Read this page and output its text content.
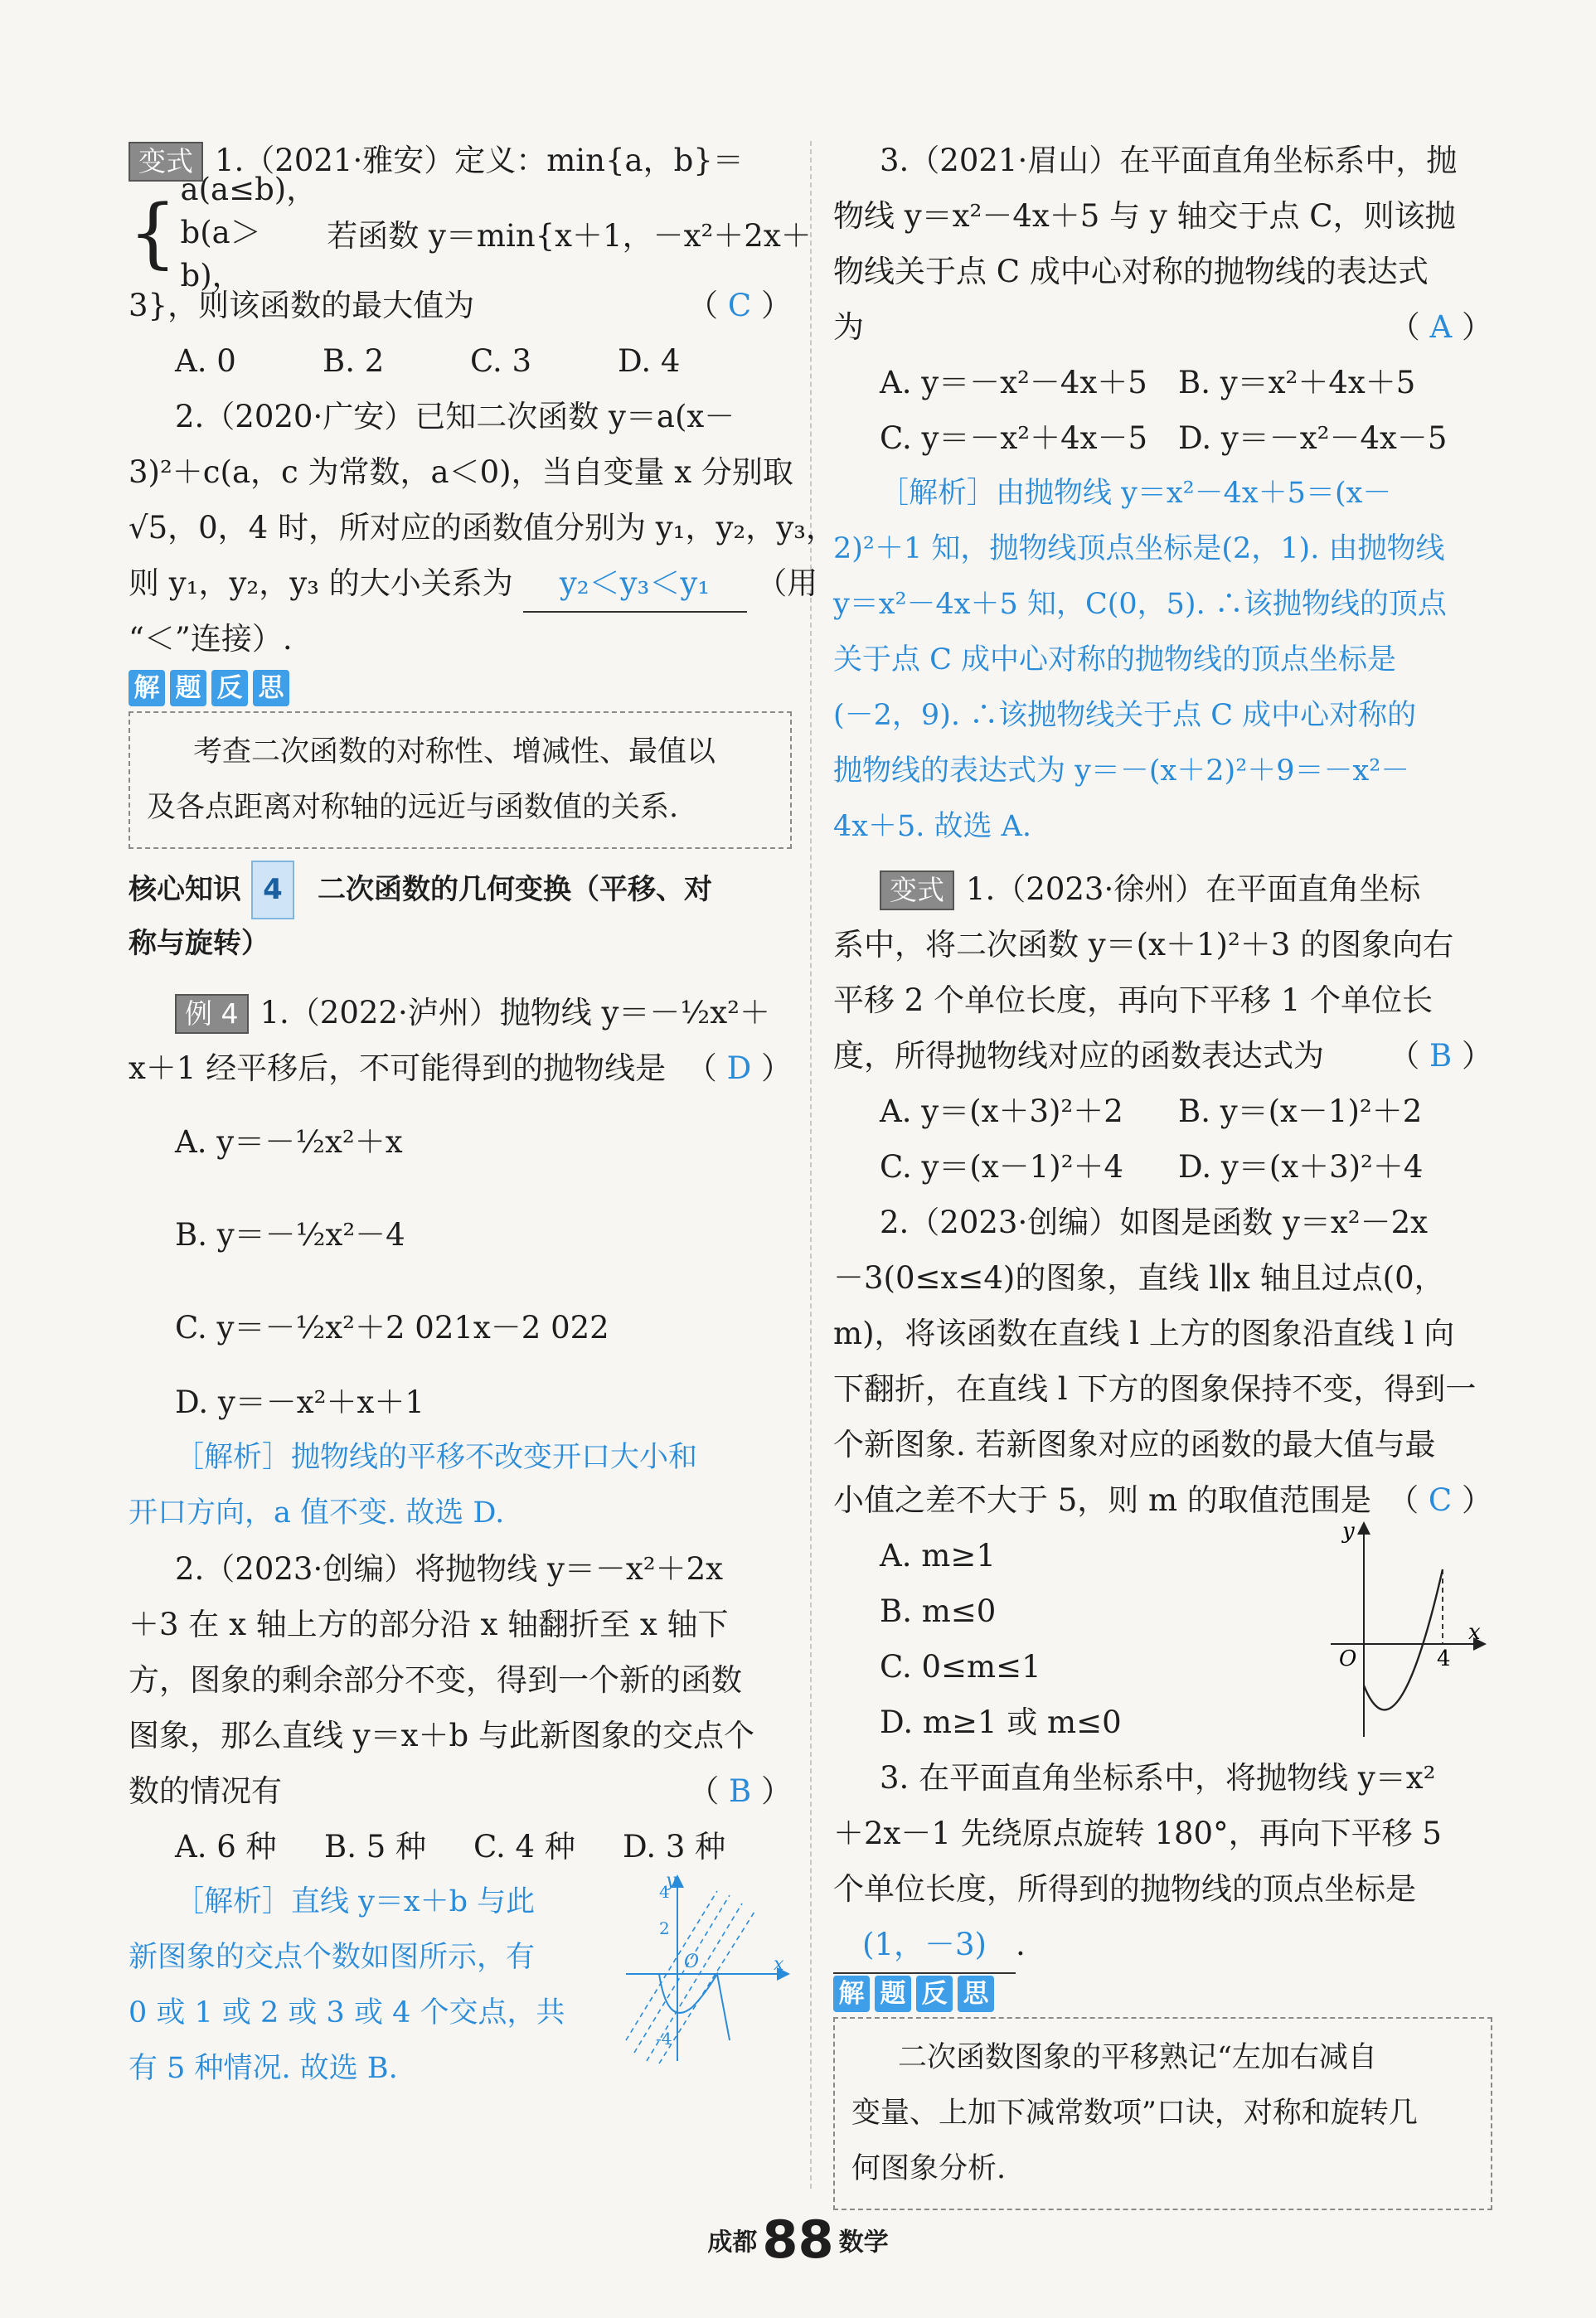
变式 1.（2021·雅安）定义：min{a，b}＝
{ a(a≤b)，
b(a＞b)，
若函数 y＝min{x＋1，－x²＋2x＋
3}，则该函数的最大值为	（ C ）
A. 0	B. 2	C. 3	D. 4
2.（2020·广安）已知二次函数 y＝a(x－
3)²＋c(a，c 为常数，a＜0)，当自变量 x 分别取
√5，0，4 时，所对应的函数值分别为 y₁，y₂，y₃，
则 y₁，y₂，y₃ 的大小关系为 y₂＜y₃＜y₁ （用
“＜”连接）.
解 题 反 思
考查二次函数的对称性、增减性、最值以
及各点距离对称轴的远近与函数值的关系.
核心知识 4 二次函数的几何变换（平移、对
称与旋转）
例 4 1.（2022·泸州）抛物线 y＝－½x²＋
x＋1 经平移后，不可能得到的抛物线是 （ D ）
A. y＝－½x²＋x
B. y＝－½x²－4
C. y＝－½x²＋2 021x－2 022
D. y＝－x²＋x＋1
［解析］抛物线的平移不改变开口大小和
开口方向，a 值不变. 故选 D.
2.（2023·创编）将抛物线 y＝－x²＋2x
＋3 在 x 轴上方的部分沿 x 轴翻折至 x 轴下
方，图象的剩余部分不变，得到一个新的函数
图象，那么直线 y＝x＋b 与此新图象的交点个
数的情况有	（ B ）
A. 6 种	B. 5 种	C. 4 种	D. 3 种
［解析］直线 y＝x＋b 与此
新图象的交点个数如图所示，有
0 或 1 或 2 或 3 或 4 个交点，共
有 5 种情况. 故选 B.
y
x
O
4
2
-4
3.（2021·眉山）在平面直角坐标系中，抛
物线 y＝x²－4x＋5 与 y 轴交于点 C，则该抛
物线关于点 C 成中心对称的抛物线的表达式
为	（ A ）
A. y＝－x²－4x＋5	B. y＝x²＋4x＋5
C. y＝－x²＋4x－5 D. y＝－x²－4x－5
［解析］由抛物线 y＝x²－4x＋5＝(x－
2)²＋1 知，抛物线顶点坐标是(2，1). 由抛物线
y＝x²－4x＋5 知，C(0，5). ∴该抛物线的顶点
关于点 C 成中心对称的抛物线的顶点坐标是
(－2，9). ∴该抛物线关于点 C 成中心对称的
抛物线的表达式为 y＝－(x＋2)²＋9＝－x²－
4x＋5. 故选 A.
变式 1.（2023·徐州）在平面直角坐标
系中，将二次函数 y＝(x＋1)²＋3 的图象向右
平移 2 个单位长度，再向下平移 1 个单位长
度，所得抛物线对应的函数表达式为 （ B ）
A. y＝(x＋3)²＋2	B. y＝(x－1)²＋2
C. y＝(x－1)²＋4	D. y＝(x＋3)²＋4
2.（2023·创编）如图是函数 y＝x²－2x
－3(0≤x≤4)的图象，直线 l∥x 轴且过点(0，
m)，将该函数在直线 l 上方的图象沿直线 l 向
下翻折，在直线 l 下方的图象保持不变，得到一
个新图象. 若新图象对应的函数的最大值与最
小值之差不大于 5，则 m 的取值范围是 （ C ）
A. m≥1
B. m≤0
C. 0≤m≤1
D. m≥1 或 m≤0
y
x
O	4
3. 在平面直角坐标系中，将抛物线 y＝x²
＋2x－1 先绕原点旋转 180°，再向下平移 5
个单位长度，所得到的抛物线的顶点坐标是
(1，－3) .
解 题 反 思
二次函数图象的平移熟记“左加右减自
变量、上加下减常数项”口诀，对称和旋转几
何图象分析.
成都88 数学
